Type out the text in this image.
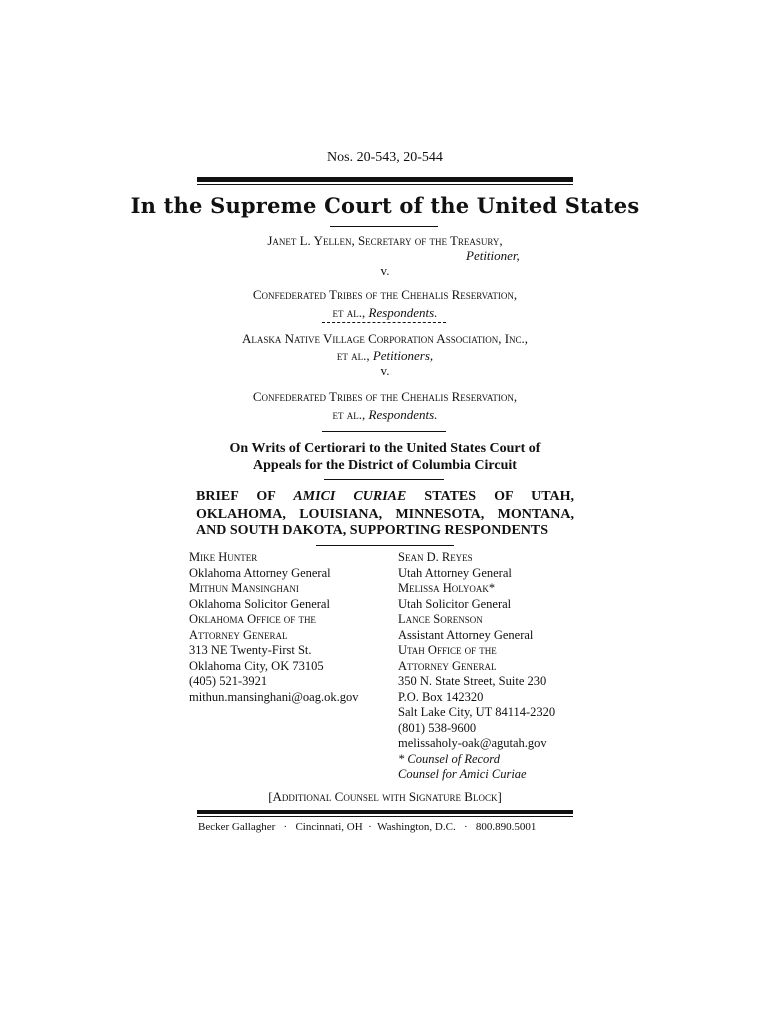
Nos. 20-543, 20-544
In the Supreme Court of the United States
Janet L. Yellen, Secretary of the Treasury,
Petitioner,
v.
Confederated Tribes of the Chehalis Reservation,
et al., Respondents.
Alaska Native Village Corporation Association, Inc.,
et al., Petitioners,
v.
Confederated Tribes of the Chehalis Reservation,
et al., Respondents.
On Writs of Certiorari to the United States Court of
Appeals for the District of Columbia Circuit
BRIEF OF AMICI CURIAE STATES OF UTAH,
OKLAHOMA, LOUISIANA, MINNESOTA, MONTANA,
AND SOUTH DAKOTA, SUPPORTING RESPONDENTS
Mike Hunter
Oklahoma Attorney General
Mithun Mansinghani
Oklahoma Solicitor General
Oklahoma Office of the
Attorney General
313 NE Twenty-First St.
Oklahoma City, OK 73105
(405) 521-3921
mithun.mansinghani@oag.ok.gov
Sean D. Reyes
Utah Attorney General
Melissa Holyoak*
Utah Solicitor General
Lance Sorenson
Assistant Attorney General
Utah Office of the
Attorney General
350 N. State Street, Suite 230
P.O. Box 142320
Salt Lake City, UT 84114-2320
(801) 538-9600
melissaholy-oak@agutah.gov
* Counsel of Record
Counsel for Amici Curiae
[Additional Counsel with Signature Block]
Becker Gallagher · Cincinnati, OH · Washington, D.C. · 800.890.5001
